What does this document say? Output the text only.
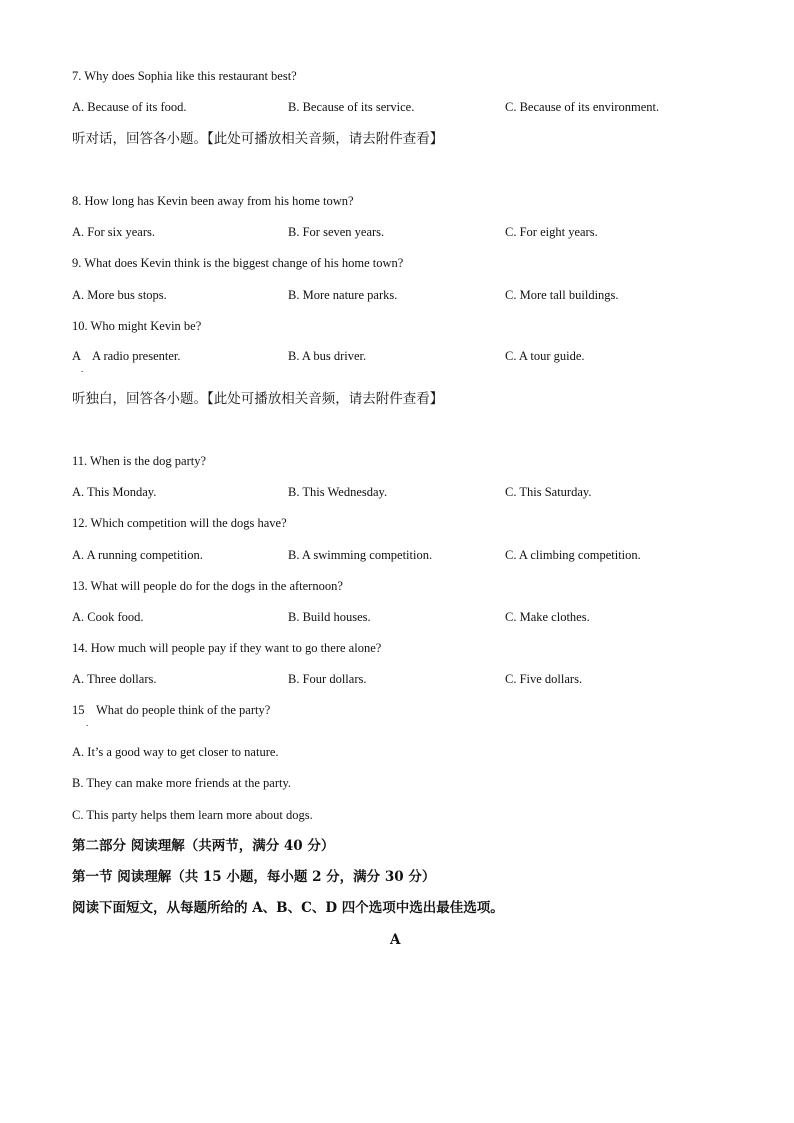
7. Why does Sophia like this restaurant best?
A. Because of its food.	B. Because of its service.	C. Because of its environment.
听对话，回答各小题。【此处可播放相关音频，请去附件查看】
8. How long has Kevin been away from his home town?
A. For six years.	B. For seven years.	C. For eight years.
9. What does Kevin think is the biggest change of his home town?
A. More bus stops.	B. More nature parks.	C. More tall buildings.
10. Who might Kevin be?
A
.
A radio presenter.	B. A bus driver.	C. A tour guide.
听独白，回答各小题。【此处可播放相关音频，请去附件查看】
11. When is the dog party?
A. This Monday.	B. This Wednesday.	C. This Saturday.
12. Which competition will the dogs have?
A. A running competition.	B. A swimming competition.	C. A climbing competition.
13. What will people do for the dogs in the afternoon?
A. Cook food.	B. Build houses.	C. Make clothes.
14. How much will people pay if they want to go there alone?
A. Three dollars.	B. Four dollars.	C. Five dollars.
15
.
What do people think of the party?
A. It’s a good way to get closer to nature.
B. They can make more friends at the party.
C. This party helps them learn more about dogs.
第二部分 阅读理解（共两节，满分 40 分）
第一节 阅读理解（共 15 小题，每小题 2 分，满分 30 分）
阅读下面短文，从每题所给的 A、B、C、D 四个选项中选出最佳选项。
A
